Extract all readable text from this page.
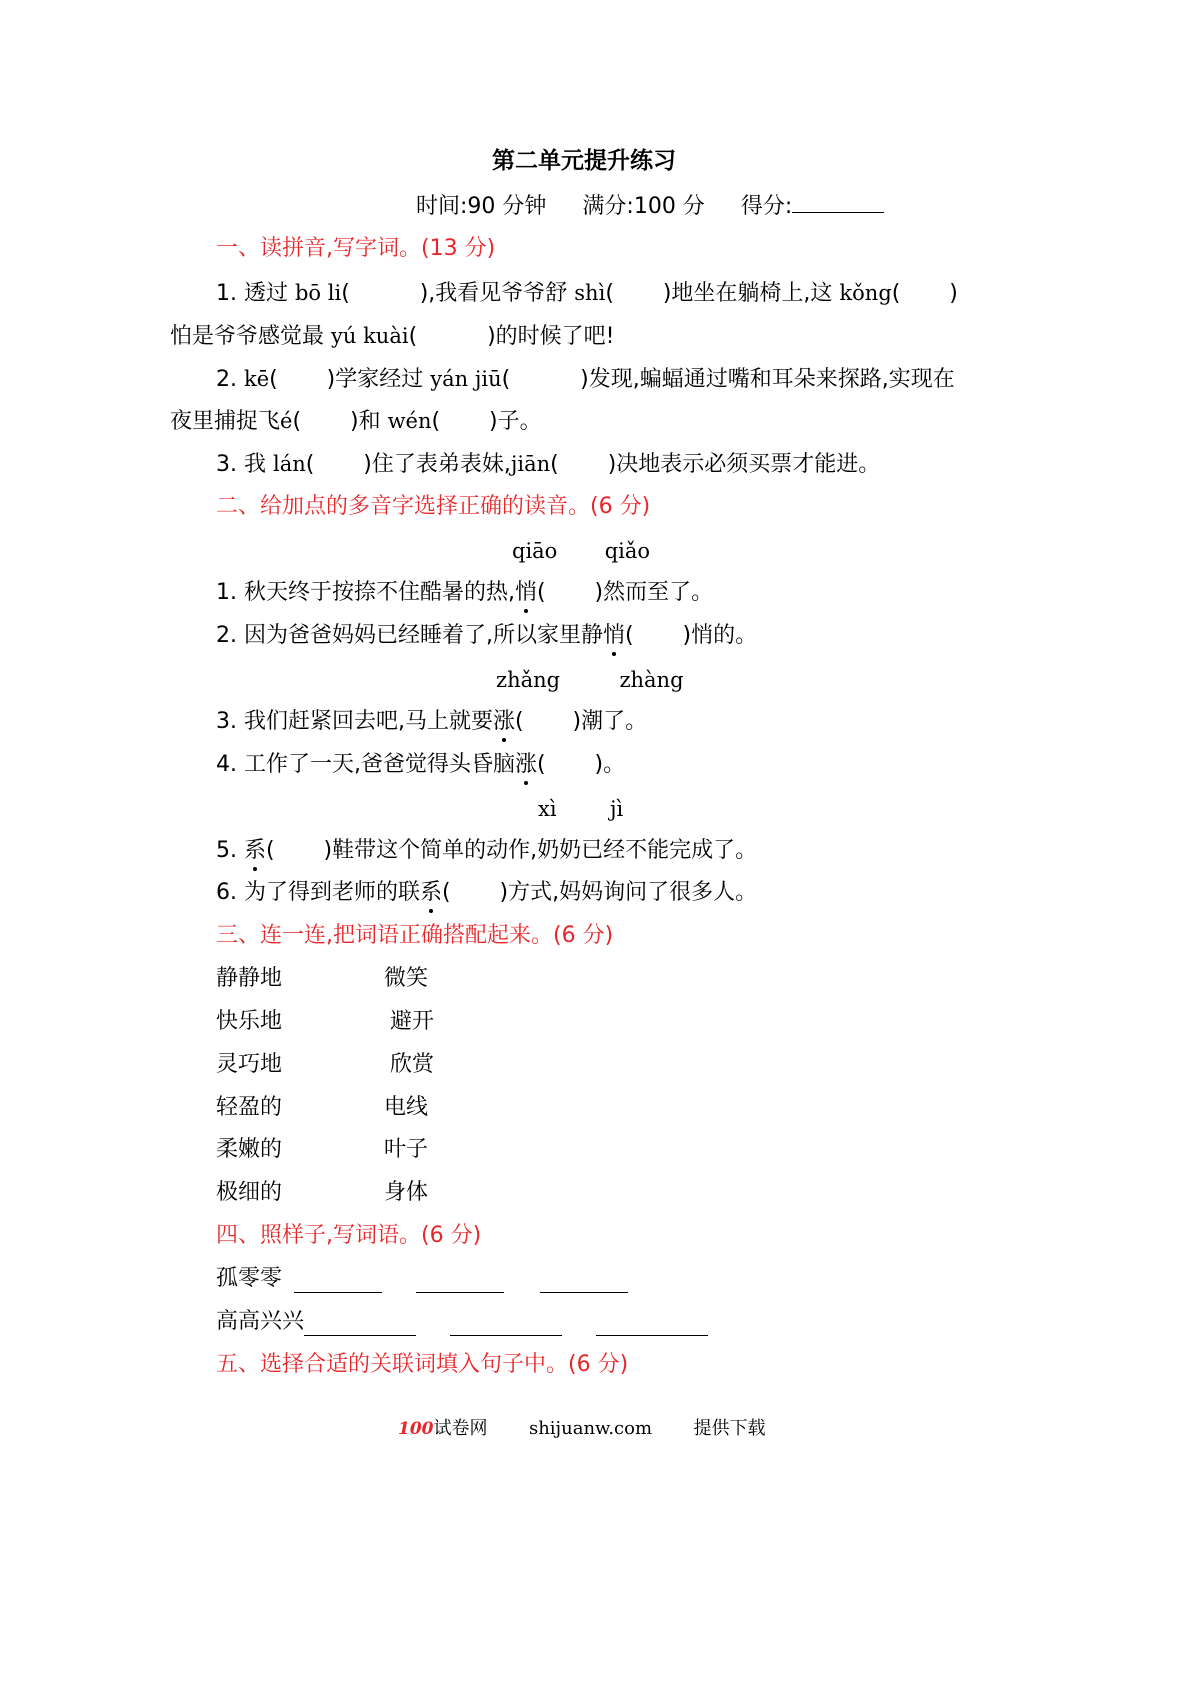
第二单元提升练习
时间:90 分钟 满分:100 分 得分:
一、读拼音,写字词。(13 分)
1. 透过 bō li(          ),我看见爷爷舒 shì(       )地坐在躺椅上,这 kǒng(       )
怕是爷爷感觉最 yú kuài(          )的时候了吧!
2. kē(       )学家经过 yán jiū(          )发现,蝙蝠通过嘴和耳朵来探路,实现在
夜里捕捉飞é(       )和 wén(       )子。
3. 我 lán(       )住了表弟表妹,jiān(       )决地表示必须买票才能进。
二、给加点的多音字选择正确的读音。(6 分)
qiāo qiǎo
1. 秋天终于按捺不住酷暑的热,悄(       )然而至了。
2. 因为爸爸妈妈已经睡着了,所以家里静悄(       )悄的。
zhǎng	zhàng
3. 我们赶紧回去吧,马上就要涨(       )潮了。
4. 工作了一天,爸爸觉得头昏脑涨(       )。
xì	jì
5. 系(       )鞋带这个简单的动作,奶奶已经不能完成了。
6. 为了得到老师的联系(       )方式,妈妈询问了很多人。
三、连一连,把词语正确搭配起来。(6 分)
静静地	微笑
快乐地	避开
灵巧地	欣赏
轻盈的	电线
柔嫩的	叶子
极细的	身体
四、照样子,写词语。(6 分)
孤零零
高高兴兴
五、选择合适的关联词填入句子中。(6 分)
100试卷网 shijuanw.com 提供下载
